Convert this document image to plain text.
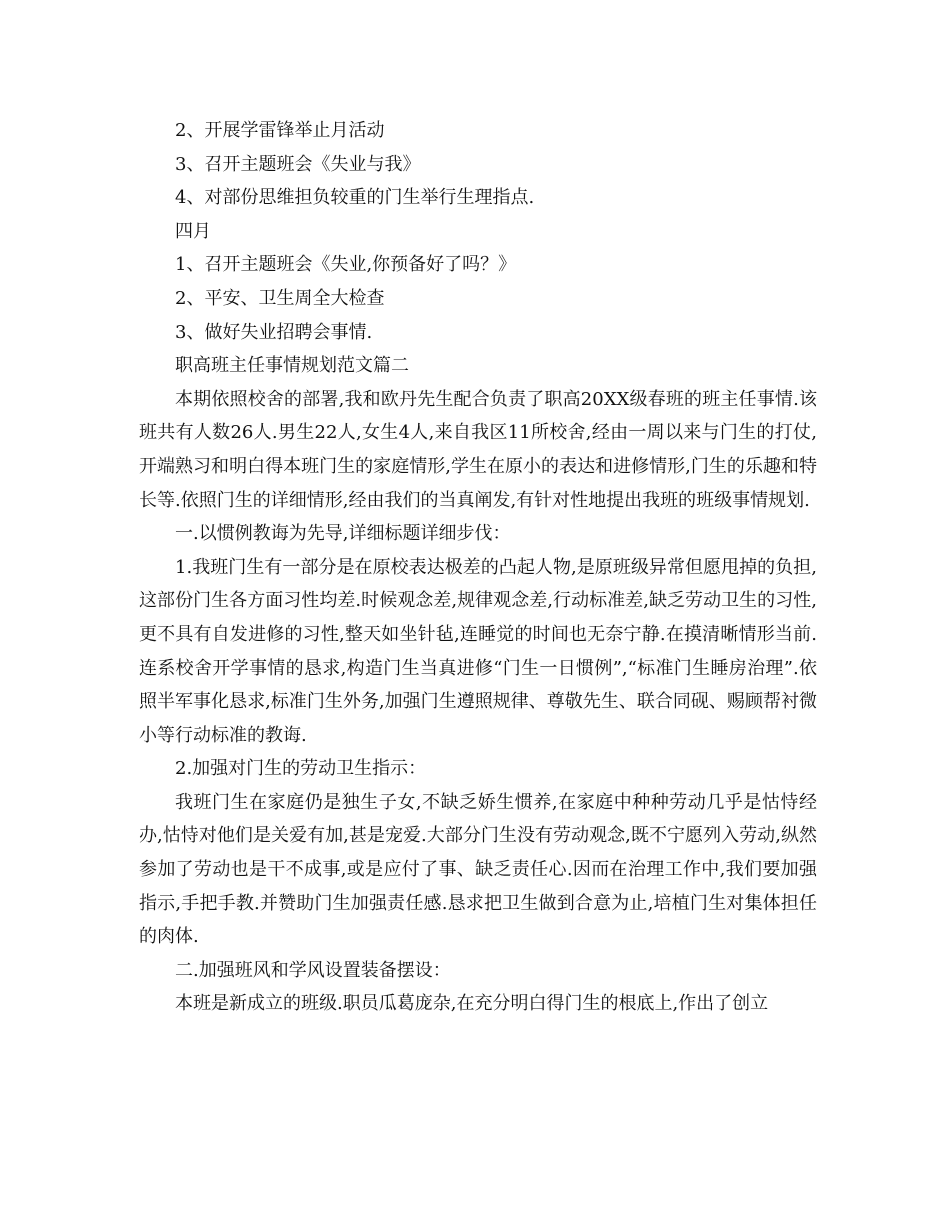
2、开展学雷锋举止月活动

3、召开主题班会《失业与我》

4、对部份思维担负较重的门生举行生理指点.

四月

1、召开主题班会《失业,你预备好了吗？》

2、平安、卫生周全大检查

3、做好失业招聘会事情.

职高班主任事情规划范文篇二

本期依照校舍的部署,我和欧丹先生配合负责了职高20XX级春班的班主任事情.该班共有人数26人.男生22人,女生4人,来自我区11所校舍,经由一周以来与门生的打仗,开端熟习和明白得本班门生的家庭情形,学生在原小的表达和进修情形,门生的乐趣和特长等.依照门生的详细情形,经由我们的当真阐发,有针对性地提出我班的班级事情规划.

一.以惯例教诲为先导,详细标题详细步伐：

1.我班门生有一部分是在原校表达极差的凸起人物,是原班级异常但愿甩掉的负担,这部份门生各方面习性均差.时候观念差,规律观念差,行动标准差,缺乏劳动卫生的习性,更不具有自发进修的习性,整天如坐针毡,连睡觉的时间也无奈宁静.在摸清晰情形当前.连系校舍开学事情的恳求,构造门生当真进修“门生一日惯例”,“标准门生睡房治理”.依照半军事化恳求,标准门生外务,加强门生遵照规律、尊敬先生、联合同砚、赐顾帮衬微小等行动标准的教诲.

2.加强对门生的劳动卫生指示：

我班门生在家庭仍是独生子女,不缺乏娇生惯养,在家庭中种种劳动几乎是怙恃经办,怙恃对他们是关爱有加,甚是宠爱.大部分门生没有劳动观念,既不宁愿列入劳动,纵然参加了劳动也是干不成事,或是应付了事、缺乏责任心.因而在治理工作中,我们要加强指示,手把手教.并赞助门生加强责任感.恳求把卫生做到合意为止,培植门生对集体担任的肉体.

二.加强班风和学风设置装备摆设：

本班是新成立的班级.职员瓜葛庞杂,在充分明白得门生的根底上,作出了创立
